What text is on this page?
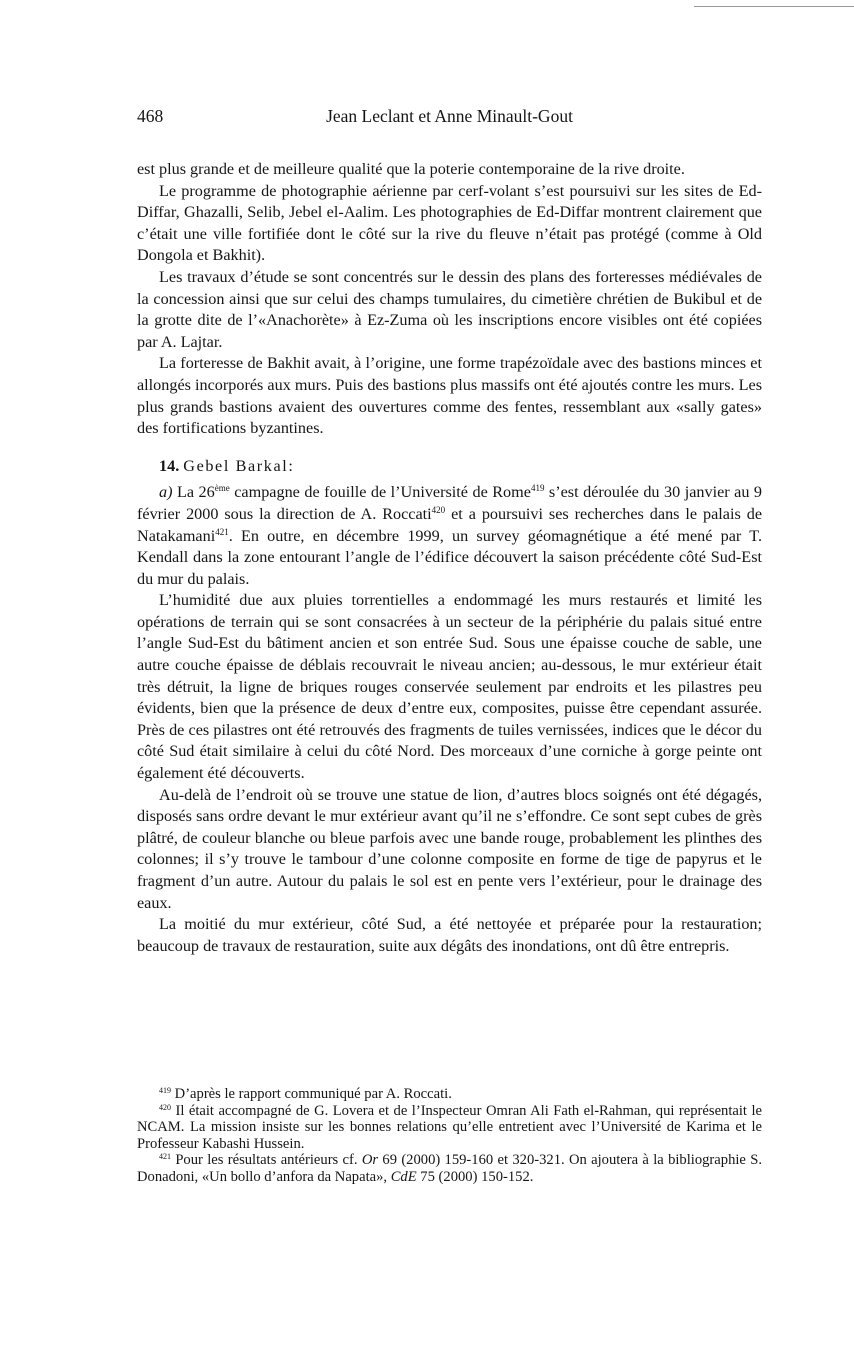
468	Jean Leclant et Anne Minault-Gout

est plus grande et de meilleure qualité que la poterie contemporaine de la rive droite.

Le programme de photographie aérienne par cerf-volant s’est poursuivi sur les sites de Ed-Diffar, Ghazalli, Selib, Jebel el-Aalim. Les photographies de Ed-Diffar montrent clairement que c’était une ville fortifiée dont le côté sur la rive du fleuve n’était pas protégé (comme à Old Dongola et Bakhit).

Les travaux d’étude se sont concentrés sur le dessin des plans des forteresses médiévales de la concession ainsi que sur celui des champs tumulaires, du cimetière chrétien de Bukibul et de la grotte dite de l’«Anachorète» à Ez-Zuma où les inscriptions encore visibles ont été copiées par A. Lajtar.

La forteresse de Bakhit avait, à l’origine, une forme trapézoïdale avec des bastions minces et allongés incorporés aux murs. Puis des bastions plus massifs ont été ajoutés contre les murs. Les plus grands bastions avaient des ouvertures comme des fentes, ressemblant aux «sally gates» des fortifications byzantines.

14. Gebel Barkal:

a) La 26ème campagne de fouille de l’Université de Rome$^{419}$ s’est déroulée du 30 janvier au 9 février 2000 sous la direction de A. Roccati$^{420}$ et a poursuivi ses recherches dans le palais de Natakamani$^{421}$. En outre, en décembre 1999, un survey géomagnétique a été mené par T. Kendall dans la zone entourant l’angle de l’édifice découvert la saison précédente côté Sud-Est du mur du palais.

L’humidité due aux pluies torrentielles a endommagé les murs restaurés et limité les opérations de terrain qui se sont consacrées à un secteur de la périphérie du palais situé entre l’angle Sud-Est du bâtiment ancien et son entrée Sud. Sous une épaisse couche de sable, une autre couche épaisse de déblais recouvrait le niveau ancien; au-dessous, le mur extérieur était très détruit, la ligne de briques rouges conservée seulement par endroits et les pilastres peu évidents, bien que la présence de deux d’entre eux, composites, puisse être cependant assurée. Près de ces pilastres ont été retrouvés des fragments de tuiles vernissées, indices que le décor du côté Sud était similaire à celui du côté Nord. Des morceaux d’une corniche à gorge peinte ont également été découverts.

Au-delà de l’endroit où se trouve une statue de lion, d’autres blocs soignés ont été dégagés, disposés sans ordre devant le mur extérieur avant qu’il ne s’effondre. Ce sont sept cubes de grès plâtré, de couleur blanche ou bleue parfois avec une bande rouge, probablement les plinthes des colonnes; il s’y trouve le tambour d’une colonne composite en forme de tige de papyrus et le fragment d’un autre. Autour du palais le sol est en pente vers l’extérieur, pour le drainage des eaux.

La moitié du mur extérieur, côté Sud, a été nettoyée et préparée pour la restauration; beaucoup de travaux de restauration, suite aux dégâts des inondations, ont dû être entrepris.

$^{419}$ D’après le rapport communiqué par A. Roccati.

$^{420}$ Il était accompagné de G. Lovera et de l’Inspecteur Omran Ali Fath el-Rahman, qui représentait le NCAM. La mission insiste sur les bonnes relations qu’elle entretient avec l’Université de Karima et le Professeur Kabashi Hussein.

$^{421}$ Pour les résultats antérieurs cf. Or 69 (2000) 159-160 et 320-321. On ajoutera à la bibliographie S. Donadoni, «Un bollo d’anfora da Napata», CdE 75 (2000) 150-152.
